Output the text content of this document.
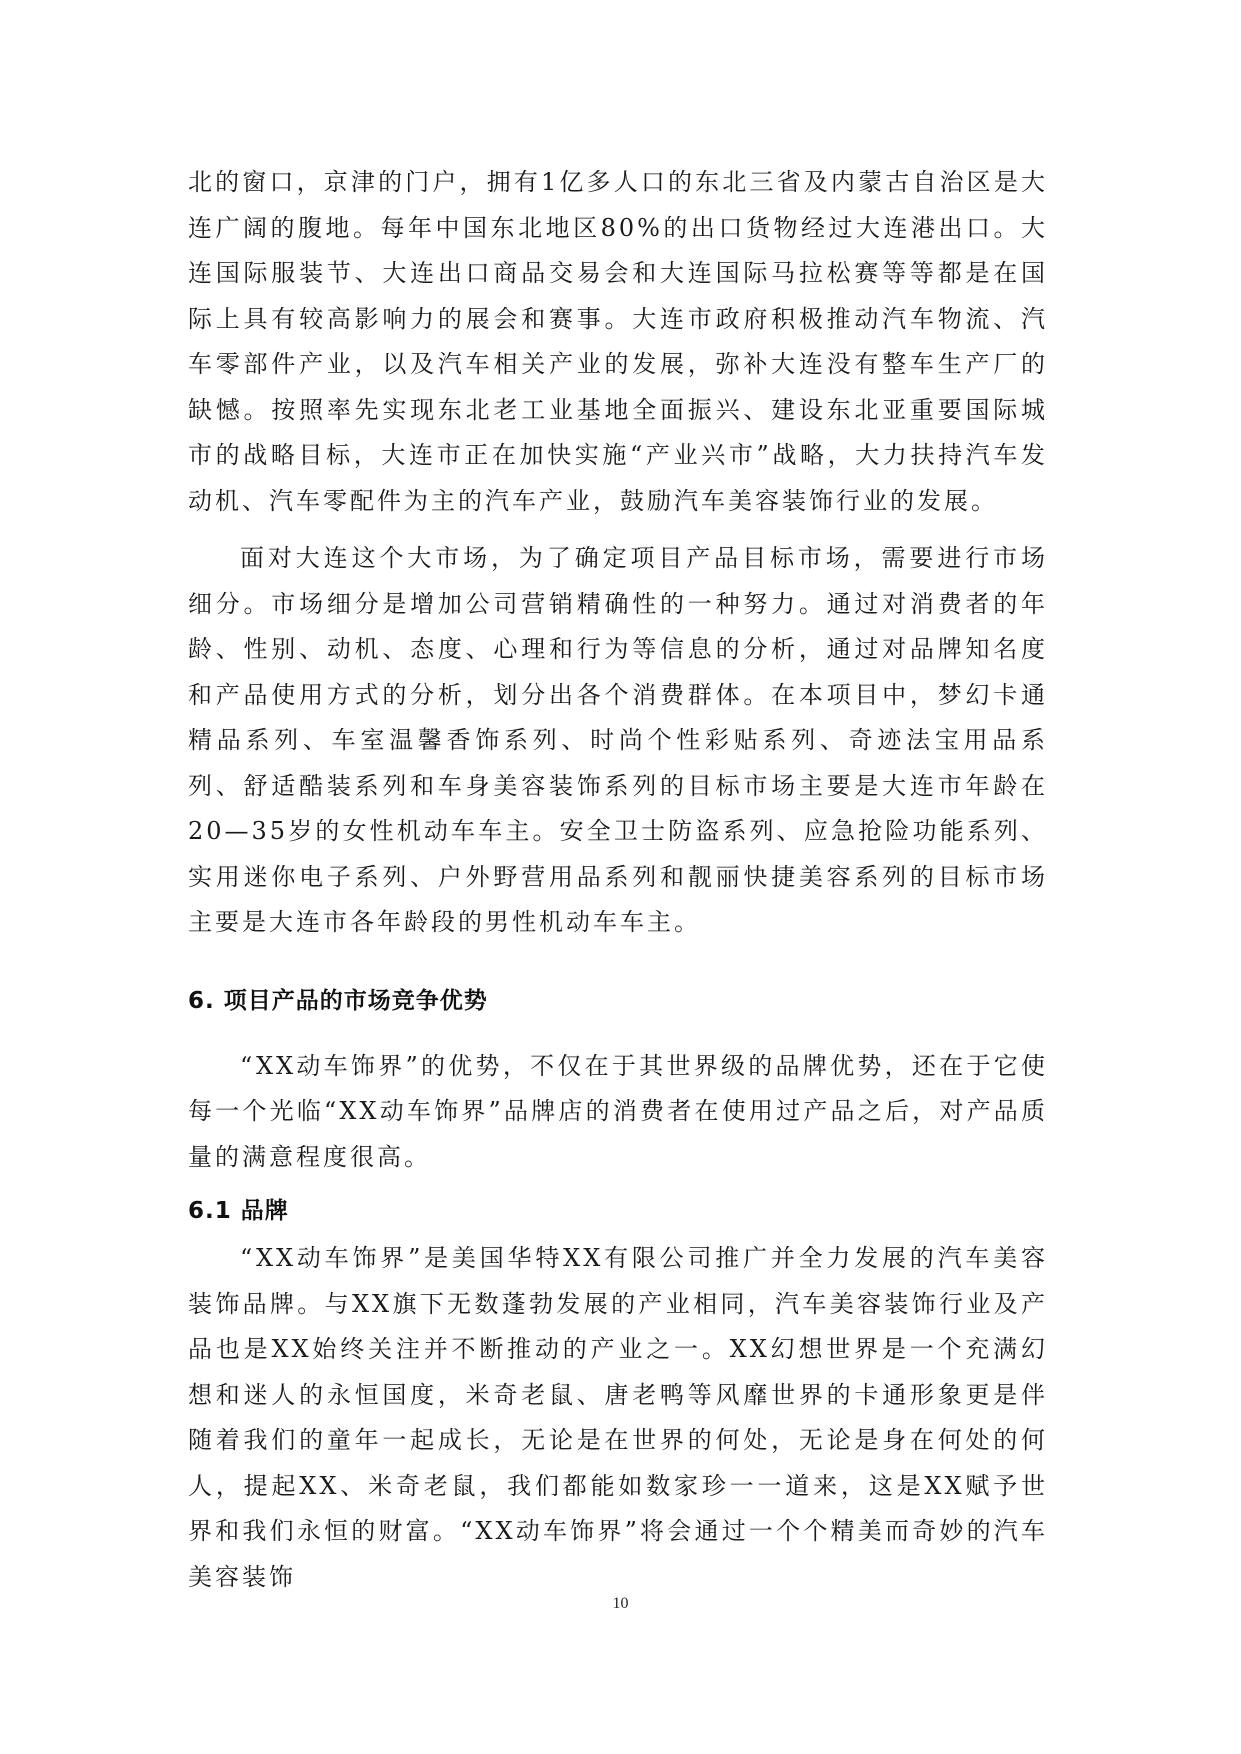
北的窗口，京津的门户，拥有1亿多人口的东北三省及内蒙古自治区是大连广阔的腹地。每年中国东北地区80%的出口货物经过大连港出口。大连国际服装节、大连出口商品交易会和大连国际马拉松赛等等都是在国际上具有较高影响力的展会和赛事。大连市政府积极推动汽车物流、汽车零部件产业，以及汽车相关产业的发展，弥补大连没有整车生产厂的缺憾。按照率先实现东北老工业基地全面振兴、建设东北亚重要国际城市的战略目标，大连市正在加快实施“产业兴市”战略，大力扶持汽车发动机、汽车零配件为主的汽车产业，鼓励汽车美容装饰行业的发展。

面对大连这个大市场，为了确定项目产品目标市场，需要进行市场细分。市场细分是增加公司营销精确性的一种努力。通过对消费者的年龄、性别、动机、态度、心理和行为等信息的分析，通过对品牌知名度和产品使用方式的分析，划分出各个消费群体。在本项目中，梦幻卡通精品系列、车室温馨香饰系列、时尚个性彩贴系列、奇迹法宝用品系列、舒适酷装系列和车身美容装饰系列的目标市场主要是大连市年龄在20—35岁的女性机动车车主。安全卫士防盗系列、应急抢险功能系列、实用迷你电子系列、户外野营用品系列和靓丽快捷美容系列的目标市场主要是大连市各年龄段的男性机动车车主。

6. 项目产品的市场竞争优势

“XX动车饰界”的优势，不仅在于其世界级的品牌优势，还在于它使每一个光临“XX动车饰界”品牌店的消费者在使用过产品之后，对产品质量的满意程度很高。

6.1 品牌

“XX动车饰界”是美国华特XX有限公司推广并全力发展的汽车美容装饰品牌。与XX旗下无数蓬勃发展的产业相同，汽车美容装饰行业及产品也是XX始终关注并不断推动的产业之一。XX幻想世界是一个充满幻想和迷人的永恒国度，米奇老鼠、唐老鸭等风靡世界的卡通形象更是伴随着我们的童年一起成长，无论是在世界的何处，无论是身在何处的何人，提起XX、米奇老鼠，我们都能如数家珍一一道来，这是XX赋予世界和我们永恒的财富。“XX动车饰界”将会通过一个个精美而奇妙的汽车美容装饰

10
